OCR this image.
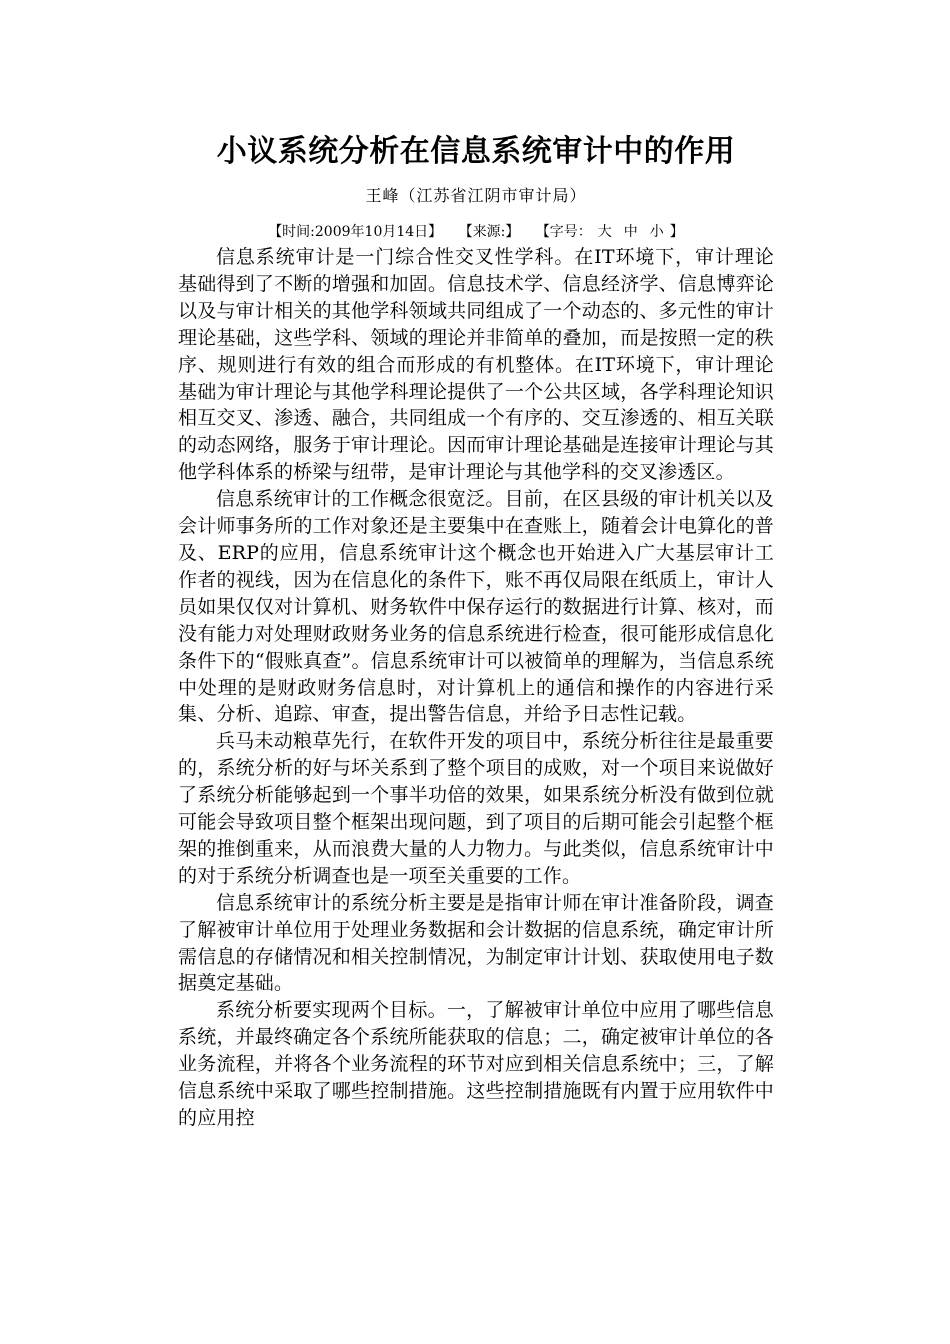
小议系统分析在信息系统审计中的作用
王峰（江苏省江阴市审计局）
【时间:2009年10月14日】 【来源:】 【字号： 大 中 小 】

信息系统审计是一门综合性交叉性学科。在IT环境下，审计理论基础得到了不断的增强和加固。信息技术学、信息经济学、信息博弈论以及与审计相关的其他学科领域共同组成了一个动态的、多元性的审计理论基础，这些学科、领域的理论并非简单的叠加，而是按照一定的秩序、规则进行有效的组合而形成的有机整体。在IT环境下，审计理论基础为审计理论与其他学科理论提供了一个公共区域，各学科理论知识相互交叉、渗透、融合，共同组成一个有序的、交互渗透的、相互关联的动态网络，服务于审计理论。因而审计理论基础是连接审计理论与其他学科体系的桥梁与纽带，是审计理论与其他学科的交叉渗透区。

信息系统审计的工作概念很宽泛。目前，在区县级的审计机关以及会计师事务所的工作对象还是主要集中在查账上，随着会计电算化的普及、ERP的应用，信息系统审计这个概念也开始进入广大基层审计工作者的视线，因为在信息化的条件下，账不再仅局限在纸质上，审计人员如果仅仅对计算机、财务软件中保存运行的数据进行计算、核对，而没有能力对处理财政财务业务的信息系统进行检查，很可能形成信息化条件下的“假账真查”。信息系统审计可以被简单的理解为，当信息系统中处理的是财政财务信息时，对计算机上的通信和操作的内容进行采集、分析、追踪、审查，提出警告信息，并给予日志性记载。

兵马未动粮草先行，在软件开发的项目中，系统分析往往是最重要的，系统分析的好与坏关系到了整个项目的成败，对一个项目来说做好了系统分析能够起到一个事半功倍的效果，如果系统分析没有做到位就可能会导致项目整个框架出现问题，到了项目的后期可能会引起整个框架的推倒重来，从而浪费大量的人力物力。与此类似，信息系统审计中的对于系统分析调查也是一项至关重要的工作。

信息系统审计的系统分析主要是是指审计师在审计准备阶段，调查了解被审计单位用于处理业务数据和会计数据的信息系统，确定审计所需信息的存储情况和相关控制情况，为制定审计计划、获取使用电子数据奠定基础。

系统分析要实现两个目标。一，了解被审计单位中应用了哪些信息系统，并最终确定各个系统所能获取的信息；二，确定被审计单位的各业务流程，并将各个业务流程的环节对应到相关信息系统中；三，了解信息系统中采取了哪些控制措施。这些控制措施既有内置于应用软件中的应用控
